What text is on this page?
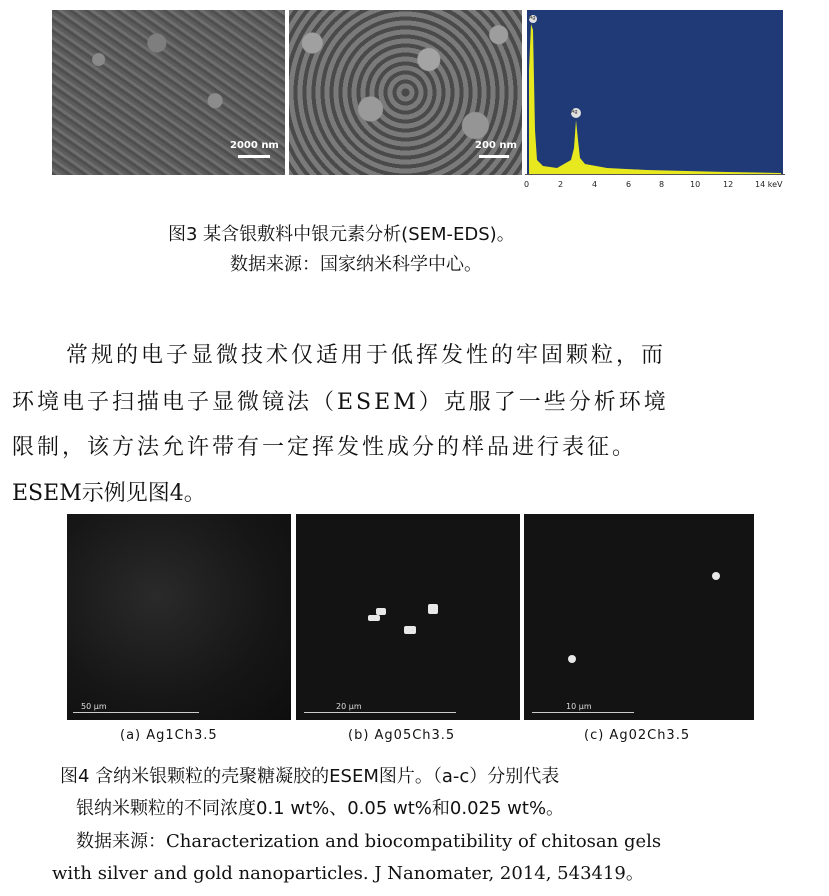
2000 nm	200 nm
Ag
Ag
0	2	4	6	8	10	12	14 keV
图3 某含银敷料中银元素分析(SEM-EDS)。
数据来源：国家纳米科学中心。
常规的电子显微技术仅适用于低挥发性的牢固颗粒，而
环境电子扫描电子显微镜法（ESEM）克服了一些分析环境
限制，该方法允许带有一定挥发性成分的样品进行表征。
ESEM示例见图4。
50 µm	20 µm	10 µm
(a) Ag1Ch3.5	(b) Ag05Ch3.5	(c) Ag02Ch3.5
图4 含纳米银颗粒的壳聚糖凝胶的ESEM图片。（a-c）分别代表
银纳米颗粒的不同浓度0.1 wt%、0.05 wt%和0.025 wt%。
数据来源：Characterization and biocompatibility of chitosan gels
with silver and gold nanoparticles. J Nanomater, 2014, 543419。
